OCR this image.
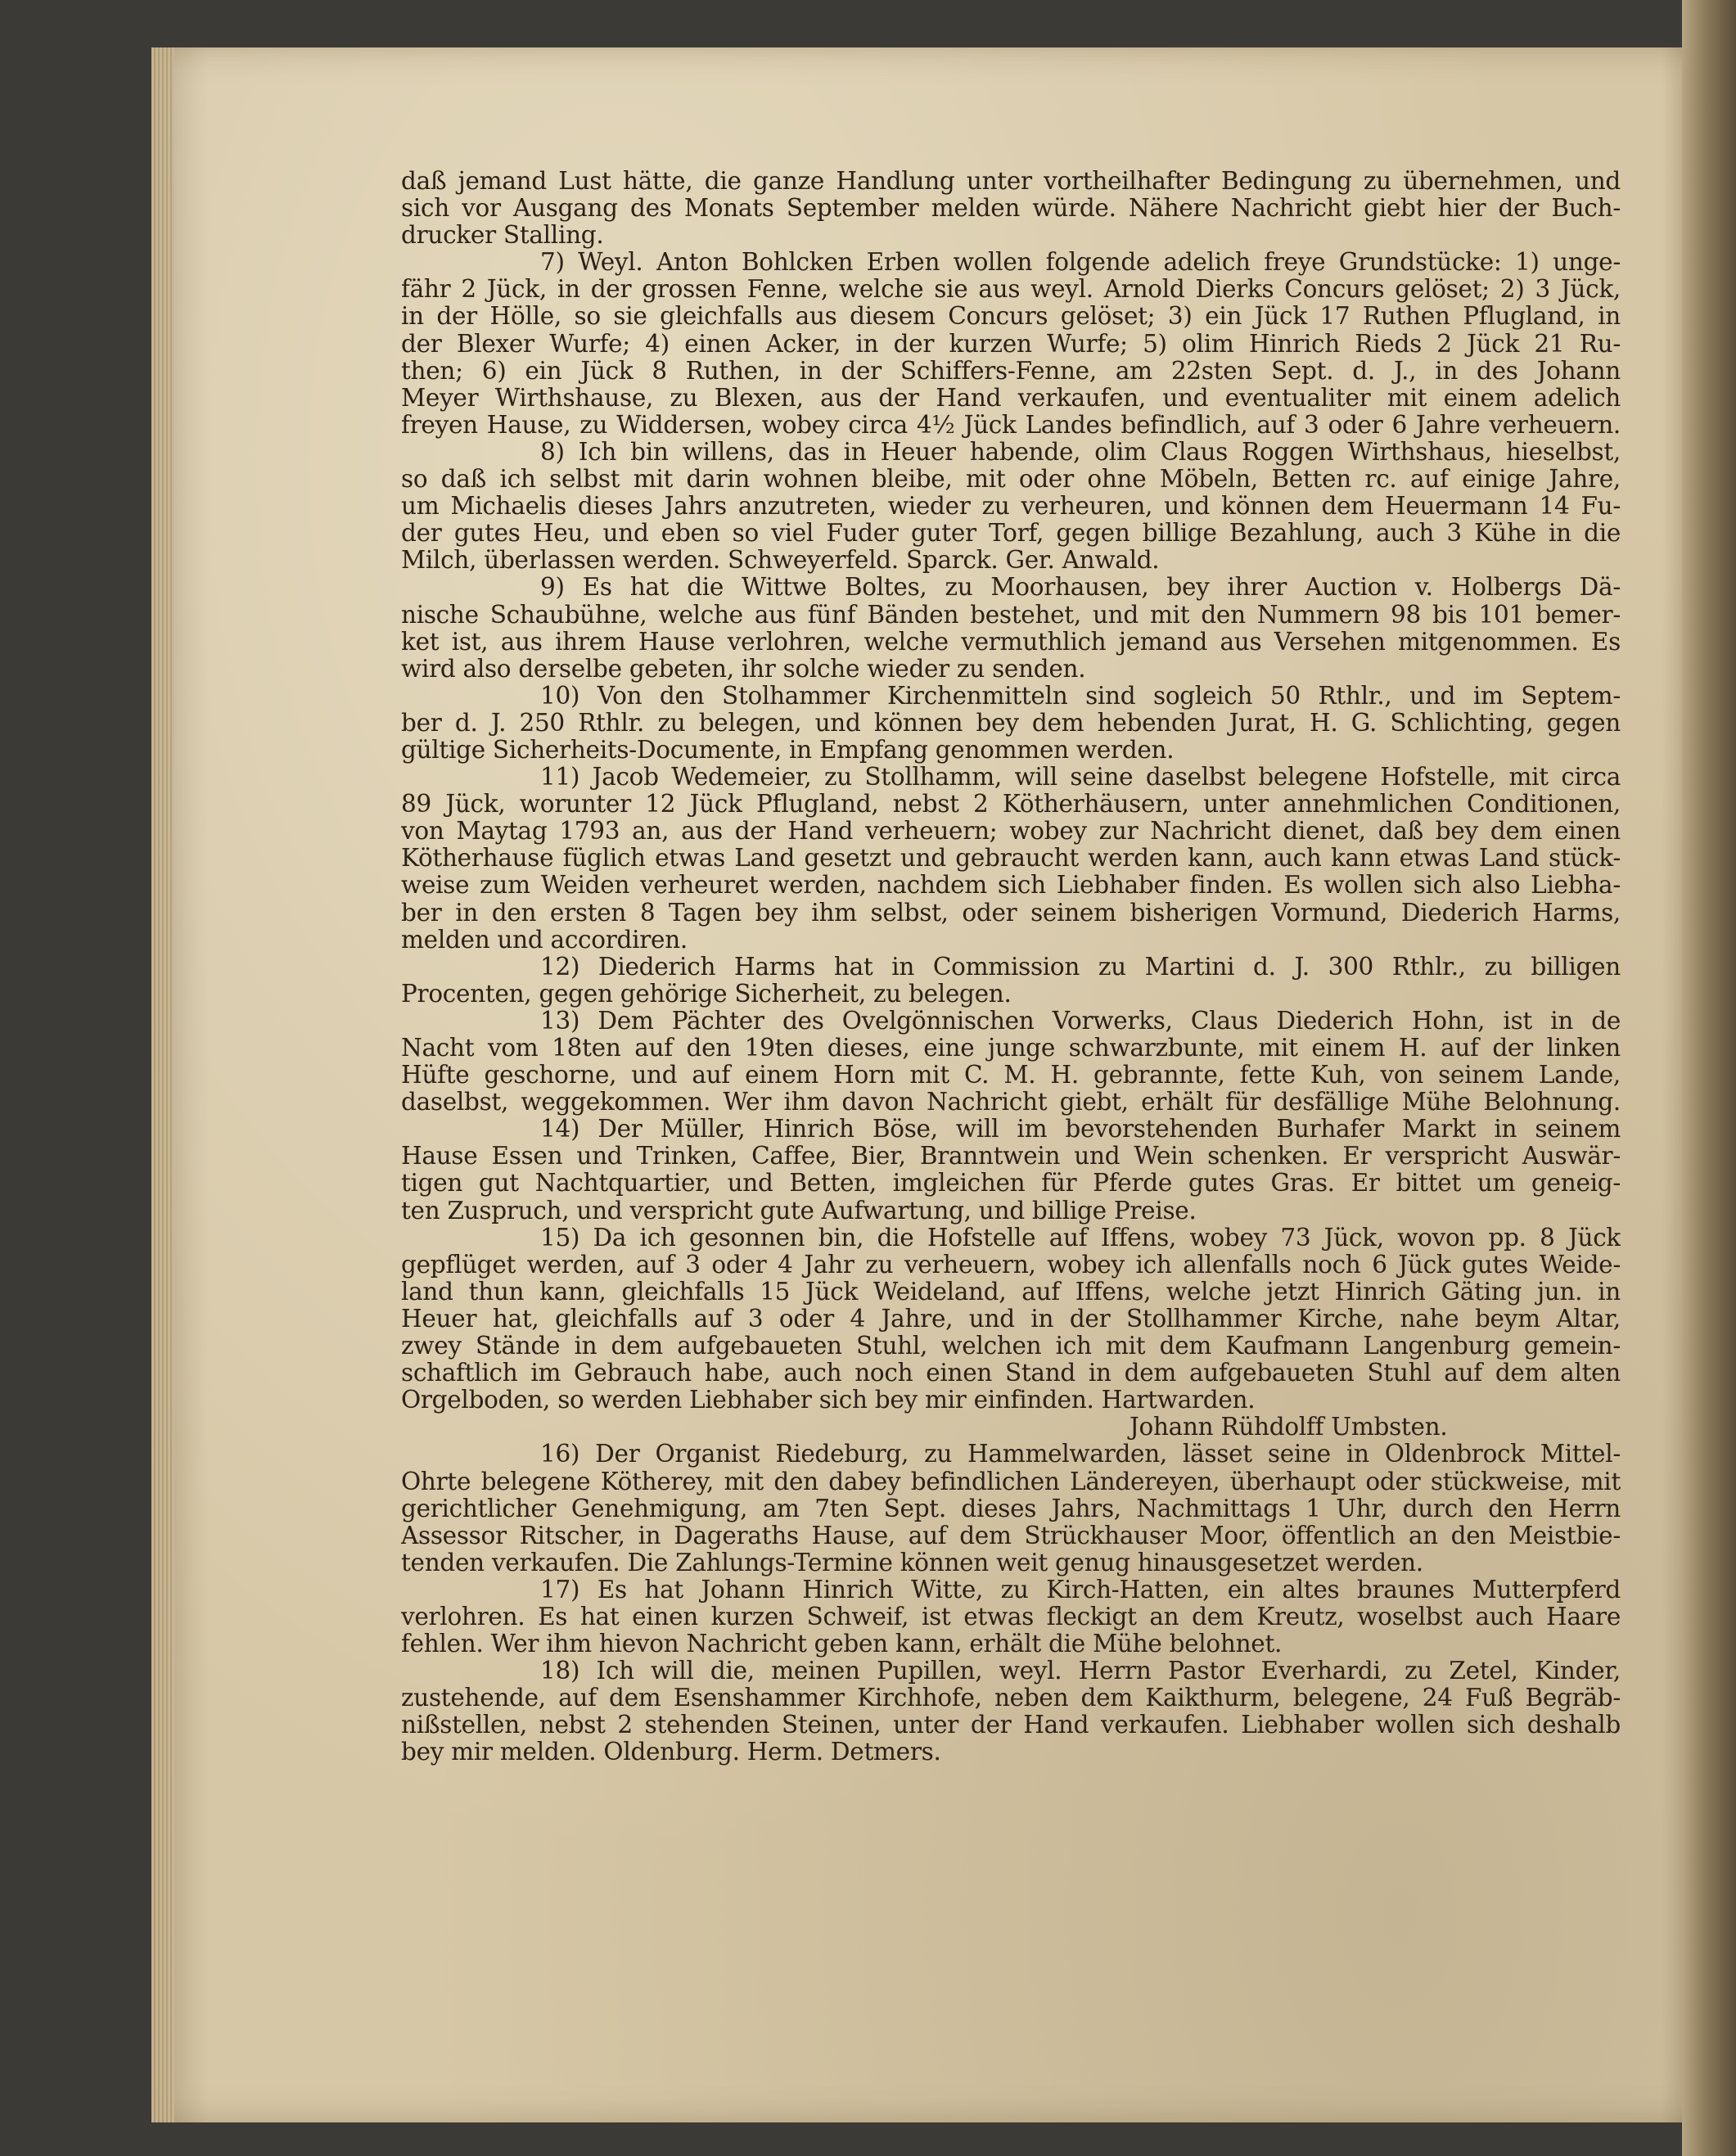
daß jemand Lust hätte, die ganze Handlung unter vortheilhafter Bedingung zu übernehmen, und
sich vor Ausgang des Monats September melden würde. Nähere Nachricht giebt hier der Buch-
drucker Stalling.
7) Weyl. Anton Bohlcken Erben wollen folgende adelich freye Grundstücke: 1) unge-
fähr 2 Jück, in der grossen Fenne, welche sie aus weyl. Arnold Dierks Concurs gelöset; 2) 3 Jück,
in der Hölle, so sie gleichfalls aus diesem Concurs gelöset; 3) ein Jück 17 Ruthen Pflugland, in
der Blexer Wurfe; 4) einen Acker, in der kurzen Wurfe; 5) olim Hinrich Rieds 2 Jück 21 Ru-
then; 6) ein Jück 8 Ruthen, in der Schiffers-Fenne, am 22sten Sept. d. J., in des Johann
Meyer Wirthshause, zu Blexen, aus der Hand verkaufen, und eventualiter mit einem adelich
freyen Hause, zu Widdersen, wobey circa 4½ Jück Landes befindlich, auf 3 oder 6 Jahre verheuern.
8) Ich bin willens, das in Heuer habende, olim Claus Roggen Wirthshaus, hieselbst,
so daß ich selbst mit darin wohnen bleibe, mit oder ohne Möbeln, Betten rc. auf einige Jahre,
um Michaelis dieses Jahrs anzutreten, wieder zu verheuren, und können dem Heuermann 14 Fu-
der gutes Heu, und eben so viel Fuder guter Torf, gegen billige Bezahlung, auch 3 Kühe in die
Milch, überlassen werden. Schweyerfeld. Sparck. Ger. Anwald.
9) Es hat die Wittwe Boltes, zu Moorhausen, bey ihrer Auction v. Holbergs Dä-
nische Schaubühne, welche aus fünf Bänden bestehet, und mit den Nummern 98 bis 101 bemer-
ket ist, aus ihrem Hause verlohren, welche vermuthlich jemand aus Versehen mitgenommen. Es
wird also derselbe gebeten, ihr solche wieder zu senden.
10) Von den Stolhammer Kirchenmitteln sind sogleich 50 Rthlr., und im Septem-
ber d. J. 250 Rthlr. zu belegen, und können bey dem hebenden Jurat, H. G. Schlichting, gegen
gültige Sicherheits-Documente, in Empfang genommen werden.
11) Jacob Wedemeier, zu Stollhamm, will seine daselbst belegene Hofstelle, mit circa
89 Jück, worunter 12 Jück Pflugland, nebst 2 Kötherhäusern, unter annehmlichen Conditionen,
von Maytag 1793 an, aus der Hand verheuern; wobey zur Nachricht dienet, daß bey dem einen
Kötherhause füglich etwas Land gesetzt und gebraucht werden kann, auch kann etwas Land stück-
weise zum Weiden verheuret werden, nachdem sich Liebhaber finden. Es wollen sich also Liebha-
ber in den ersten 8 Tagen bey ihm selbst, oder seinem bisherigen Vormund, Diederich Harms,
melden und accordiren.
12) Diederich Harms hat in Commission zu Martini d. J. 300 Rthlr., zu billigen
Procenten, gegen gehörige Sicherheit, zu belegen.
13) Dem Pächter des Ovelgönnischen Vorwerks, Claus Diederich Hohn, ist in de
Nacht vom 18ten auf den 19ten dieses, eine junge schwarzbunte, mit einem H. auf der linken
Hüfte geschorne, und auf einem Horn mit C. M. H. gebrannte, fette Kuh, von seinem Lande,
daselbst, weggekommen. Wer ihm davon Nachricht giebt, erhält für desfällige Mühe Belohnung.
14) Der Müller, Hinrich Böse, will im bevorstehenden Burhafer Markt in seinem
Hause Essen und Trinken, Caffee, Bier, Branntwein und Wein schenken. Er verspricht Auswär-
tigen gut Nachtquartier, und Betten, imgleichen für Pferde gutes Gras. Er bittet um geneig-
ten Zuspruch, und verspricht gute Aufwartung, und billige Preise.
15) Da ich gesonnen bin, die Hofstelle auf Iffens, wobey 73 Jück, wovon pp. 8 Jück
gepflüget werden, auf 3 oder 4 Jahr zu verheuern, wobey ich allenfalls noch 6 Jück gutes Weide-
land thun kann, gleichfalls 15 Jück Weideland, auf Iffens, welche jetzt Hinrich Gäting jun. in
Heuer hat, gleichfalls auf 3 oder 4 Jahre, und in der Stollhammer Kirche, nahe beym Altar,
zwey Stände in dem aufgebaueten Stuhl, welchen ich mit dem Kaufmann Langenburg gemein-
schaftlich im Gebrauch habe, auch noch einen Stand in dem aufgebaueten Stuhl auf dem alten
Orgelboden, so werden Liebhaber sich bey mir einfinden. Hartwarden.
Johann Rühdolff Umbsten.
16) Der Organist Riedeburg, zu Hammelwarden, lässet seine in Oldenbrock Mittel-
Ohrte belegene Kötherey, mit den dabey befindlichen Ländereyen, überhaupt oder stückweise, mit
gerichtlicher Genehmigung, am 7ten Sept. dieses Jahrs, Nachmittags 1 Uhr, durch den Herrn
Assessor Ritscher, in Dageraths Hause, auf dem Strückhauser Moor, öffentlich an den Meistbie-
tenden verkaufen. Die Zahlungs-Termine können weit genug hinausgesetzet werden.
17) Es hat Johann Hinrich Witte, zu Kirch-Hatten, ein altes braunes Mutterpferd
verlohren. Es hat einen kurzen Schweif, ist etwas fleckigt an dem Kreutz, woselbst auch Haare
fehlen. Wer ihm hievon Nachricht geben kann, erhält die Mühe belohnet.
18) Ich will die, meinen Pupillen, weyl. Herrn Pastor Everhardi, zu Zetel, Kinder,
zustehende, auf dem Esenshammer Kirchhofe, neben dem Kaikthurm, belegene, 24 Fuß Begräb-
nißstellen, nebst 2 stehenden Steinen, unter der Hand verkaufen. Liebhaber wollen sich deshalb
bey mir melden. Oldenburg. Herm. Detmers.
